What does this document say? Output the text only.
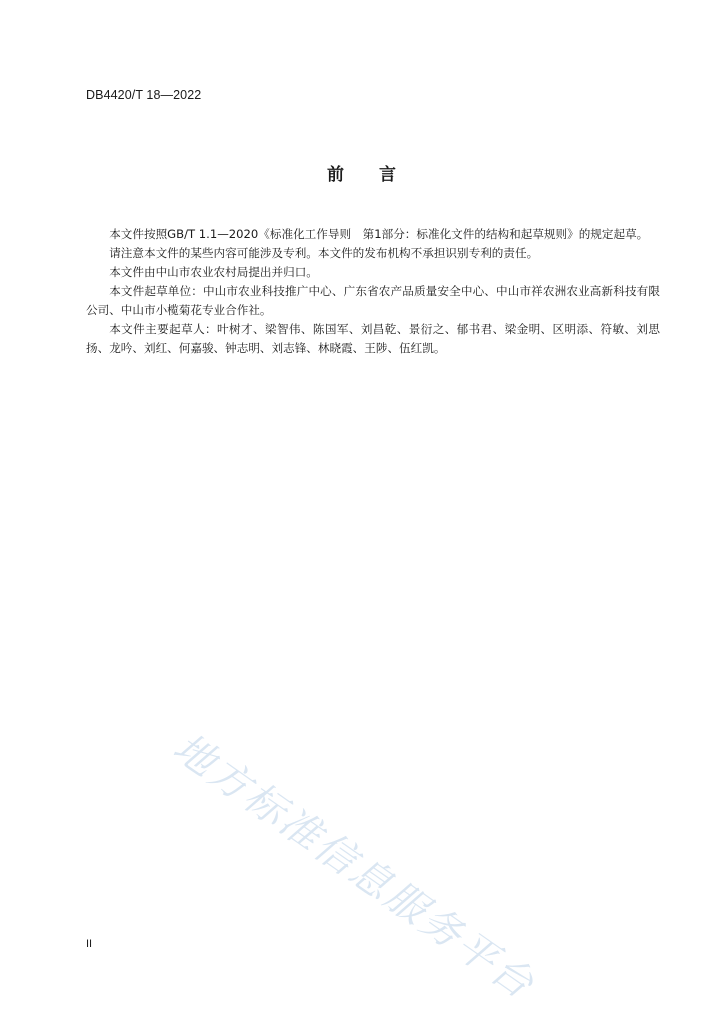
DB4420/T 18—2022
前 言

本文件按照GB/T 1.1—2020《标准化工作导则　第1部分：标准化文件的结构和起草规则》的规定起草。

请注意本文件的某些内容可能涉及专利。本文件的发布机构不承担识别专利的责任。

本文件由中山市农业农村局提出并归口。

本文件起草单位：中山市农业科技推广中心、广东省农产品质量安全中心、中山市祥农洲农业高新科技有限公司、中山市小榄菊花专业合作社。

本文件主要起草人：叶树才、梁智伟、陈国军、刘昌乾、景衍之、郁书君、梁金明、区明添、符敏、刘思扬、龙吟、刘红、何嘉骏、钟志明、刘志锋、林晓霞、王陟、伍红凯。

地方标准信息服务平台
II
